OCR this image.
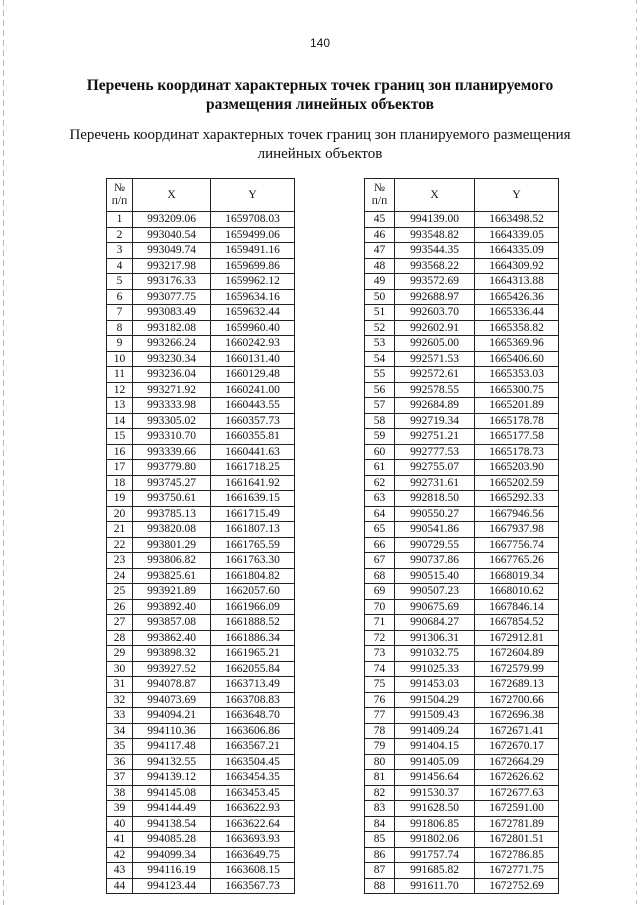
140
Перечень координат характерных точек границ зон планируемого размещения линейных объектов
Перечень координат характерных точек границ зон планируемого размещения линейных объектов
№
п/п	X	Y
1	993209.06	1659708.03
2	993040.54	1659499.06
3	993049.74	1659491.16
4	993217.98	1659699.86
5	993176.33	1659962.12
6	993077.75	1659634.16
7	993083.49	1659632.44
8	993182.08	1659960.40
9	993266.24	1660242.93
10	993230.34	1660131.40
11	993236.04	1660129.48
12	993271.92	1660241.00
13	993333.98	1660443.55
14	993305.02	1660357.73
15	993310.70	1660355.81
16	993339.66	1660441.63
17	993779.80	1661718.25
18	993745.27	1661641.92
19	993750.61	1661639.15
20	993785.13	1661715.49
21	993820.08	1661807.13
22	993801.29	1661765.59
23	993806.82	1661763.30
24	993825.61	1661804.82
25	993921.89	1662057.60
26	993892.40	1661966.09
27	993857.08	1661888.52
28	993862.40	1661886.34
29	993898.32	1661965.21
30	993927.52	1662055.84
31	994078.87	1663713.49
32	994073.69	1663708.83
33	994094.21	1663648.70
34	994110.36	1663606.86
35	994117.48	1663567.21
36	994132.55	1663504.45
37	994139.12	1663454.35
38	994145.08	1663453.45
39	994144.49	1663622.93
40	994138.54	1663622.64
41	994085.28	1663693.93
42	994099.34	1663649.75
43	994116.19	1663608.15
44	994123.44	1663567.73
№
п/п	X	Y
45	994139.00	1663498.52
46	993548.82	1664339.05
47	993544.35	1664335.09
48	993568.22	1664309.92
49	993572.69	1664313.88
50	992688.97	1665426.36
51	992603.70	1665336.44
52	992602.91	1665358.82
53	992605.00	1665369.96
54	992571.53	1665406.60
55	992572.61	1665353.03
56	992578.55	1665300.75
57	992684.89	1665201.89
58	992719.34	1665178.78
59	992751.21	1665177.58
60	992777.53	1665178.73
61	992755.07	1665203.90
62	992731.61	1665202.59
63	992818.50	1665292.33
64	990550.27	1667946.56
65	990541.86	1667937.98
66	990729.55	1667756.74
67	990737.86	1667765.26
68	990515.40	1668019.34
69	990507.23	1668010.62
70	990675.69	1667846.14
71	990684.27	1667854.52
72	991306.31	1672912.81
73	991032.75	1672604.89
74	991025.33	1672579.99
75	991453.03	1672689.13
76	991504.29	1672700.66
77	991509.43	1672696.38
78	991409.24	1672671.41
79	991404.15	1672670.17
80	991405.09	1672664.29
81	991456.64	1672626.62
82	991530.37	1672677.63
83	991628.50	1672591.00
84	991806.85	1672781.89
85	991802.06	1672801.51
86	991757.74	1672786.85
87	991685.82	1672771.75
88	991611.70	1672752.69
